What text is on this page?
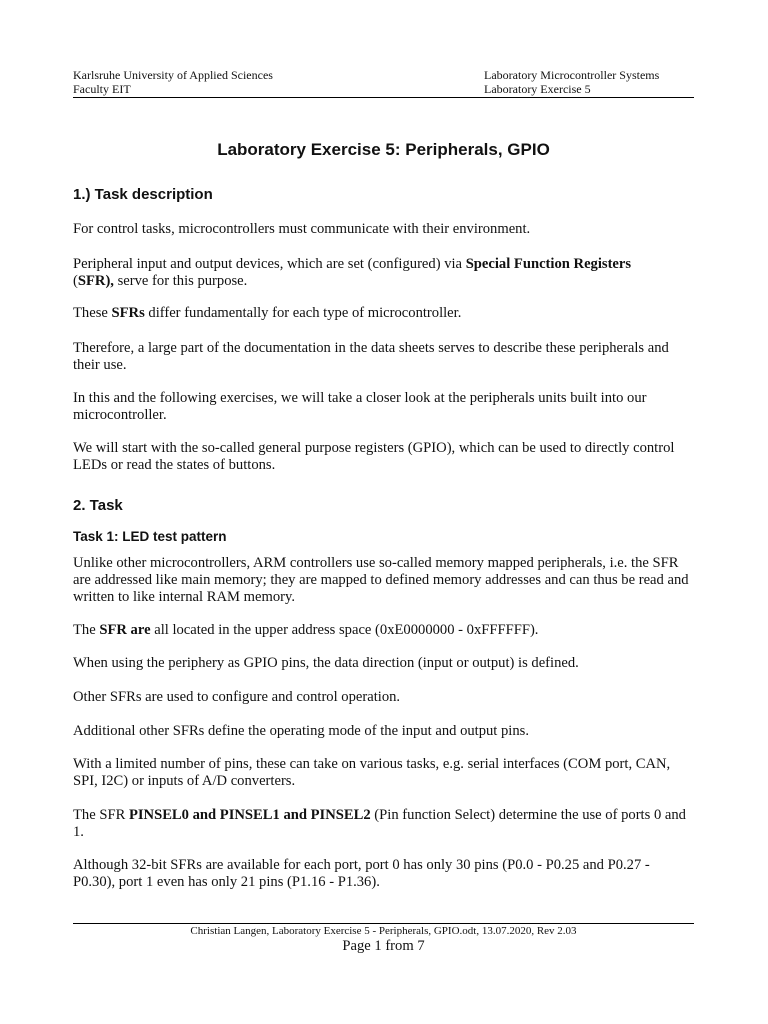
Karlsruhe University of Applied Sciences
Faculty EIT
Laboratory Microcontroller Systems
Laboratory Exercise 5
Laboratory Exercise 5: Peripherals, GPIO
1.) Task description

For control tasks, microcontrollers must communicate with their environment.

Peripheral input and output devices, which are set (configured) via Special Function Registers
(SFR), serve for this purpose.

These SFRs differ fundamentally for each type of microcontroller.

Therefore, a large part of the documentation in the data sheets serves to describe these peripherals and their use.

In this and the following exercises, we will take a closer look at the peripherals units built into our microcontroller.

We will start with the so-called general purpose registers (GPIO), which can be used to directly control LEDs or read the states of buttons.

2. Task
Task 1: LED test pattern

Unlike other microcontrollers, ARM controllers use so-called memory mapped peripherals, i.e. the SFR are addressed like main memory; they are mapped to defined memory addresses and can thus be read and written to like internal RAM memory.

The SFR are all located in the upper address space (0xE0000000 - 0xFFFFFF).

When using the periphery as GPIO pins, the data direction (input or output) is defined.

Other SFRs are used to configure and control operation.

Additional other SFRs define the operating mode of the input and output pins.

With a limited number of pins, these can take on various tasks, e.g. serial interfaces (COM port, CAN, SPI, I2C) or inputs of A/D converters.

The SFR PINSEL0 and PINSEL1 and PINSEL2 (Pin function Select) determine the use of ports 0 and 1.

Although 32-bit SFRs are available for each port, port 0 has only 30 pins (P0.0 - P0.25 and P0.27 - P0.30), port 1 even has only 21 pins (P1.16 - P1.36).

Christian Langen, Laboratory Exercise 5 - Peripherals, GPIO.odt, 13.07.2020, Rev 2.03
Page 1 from 7
